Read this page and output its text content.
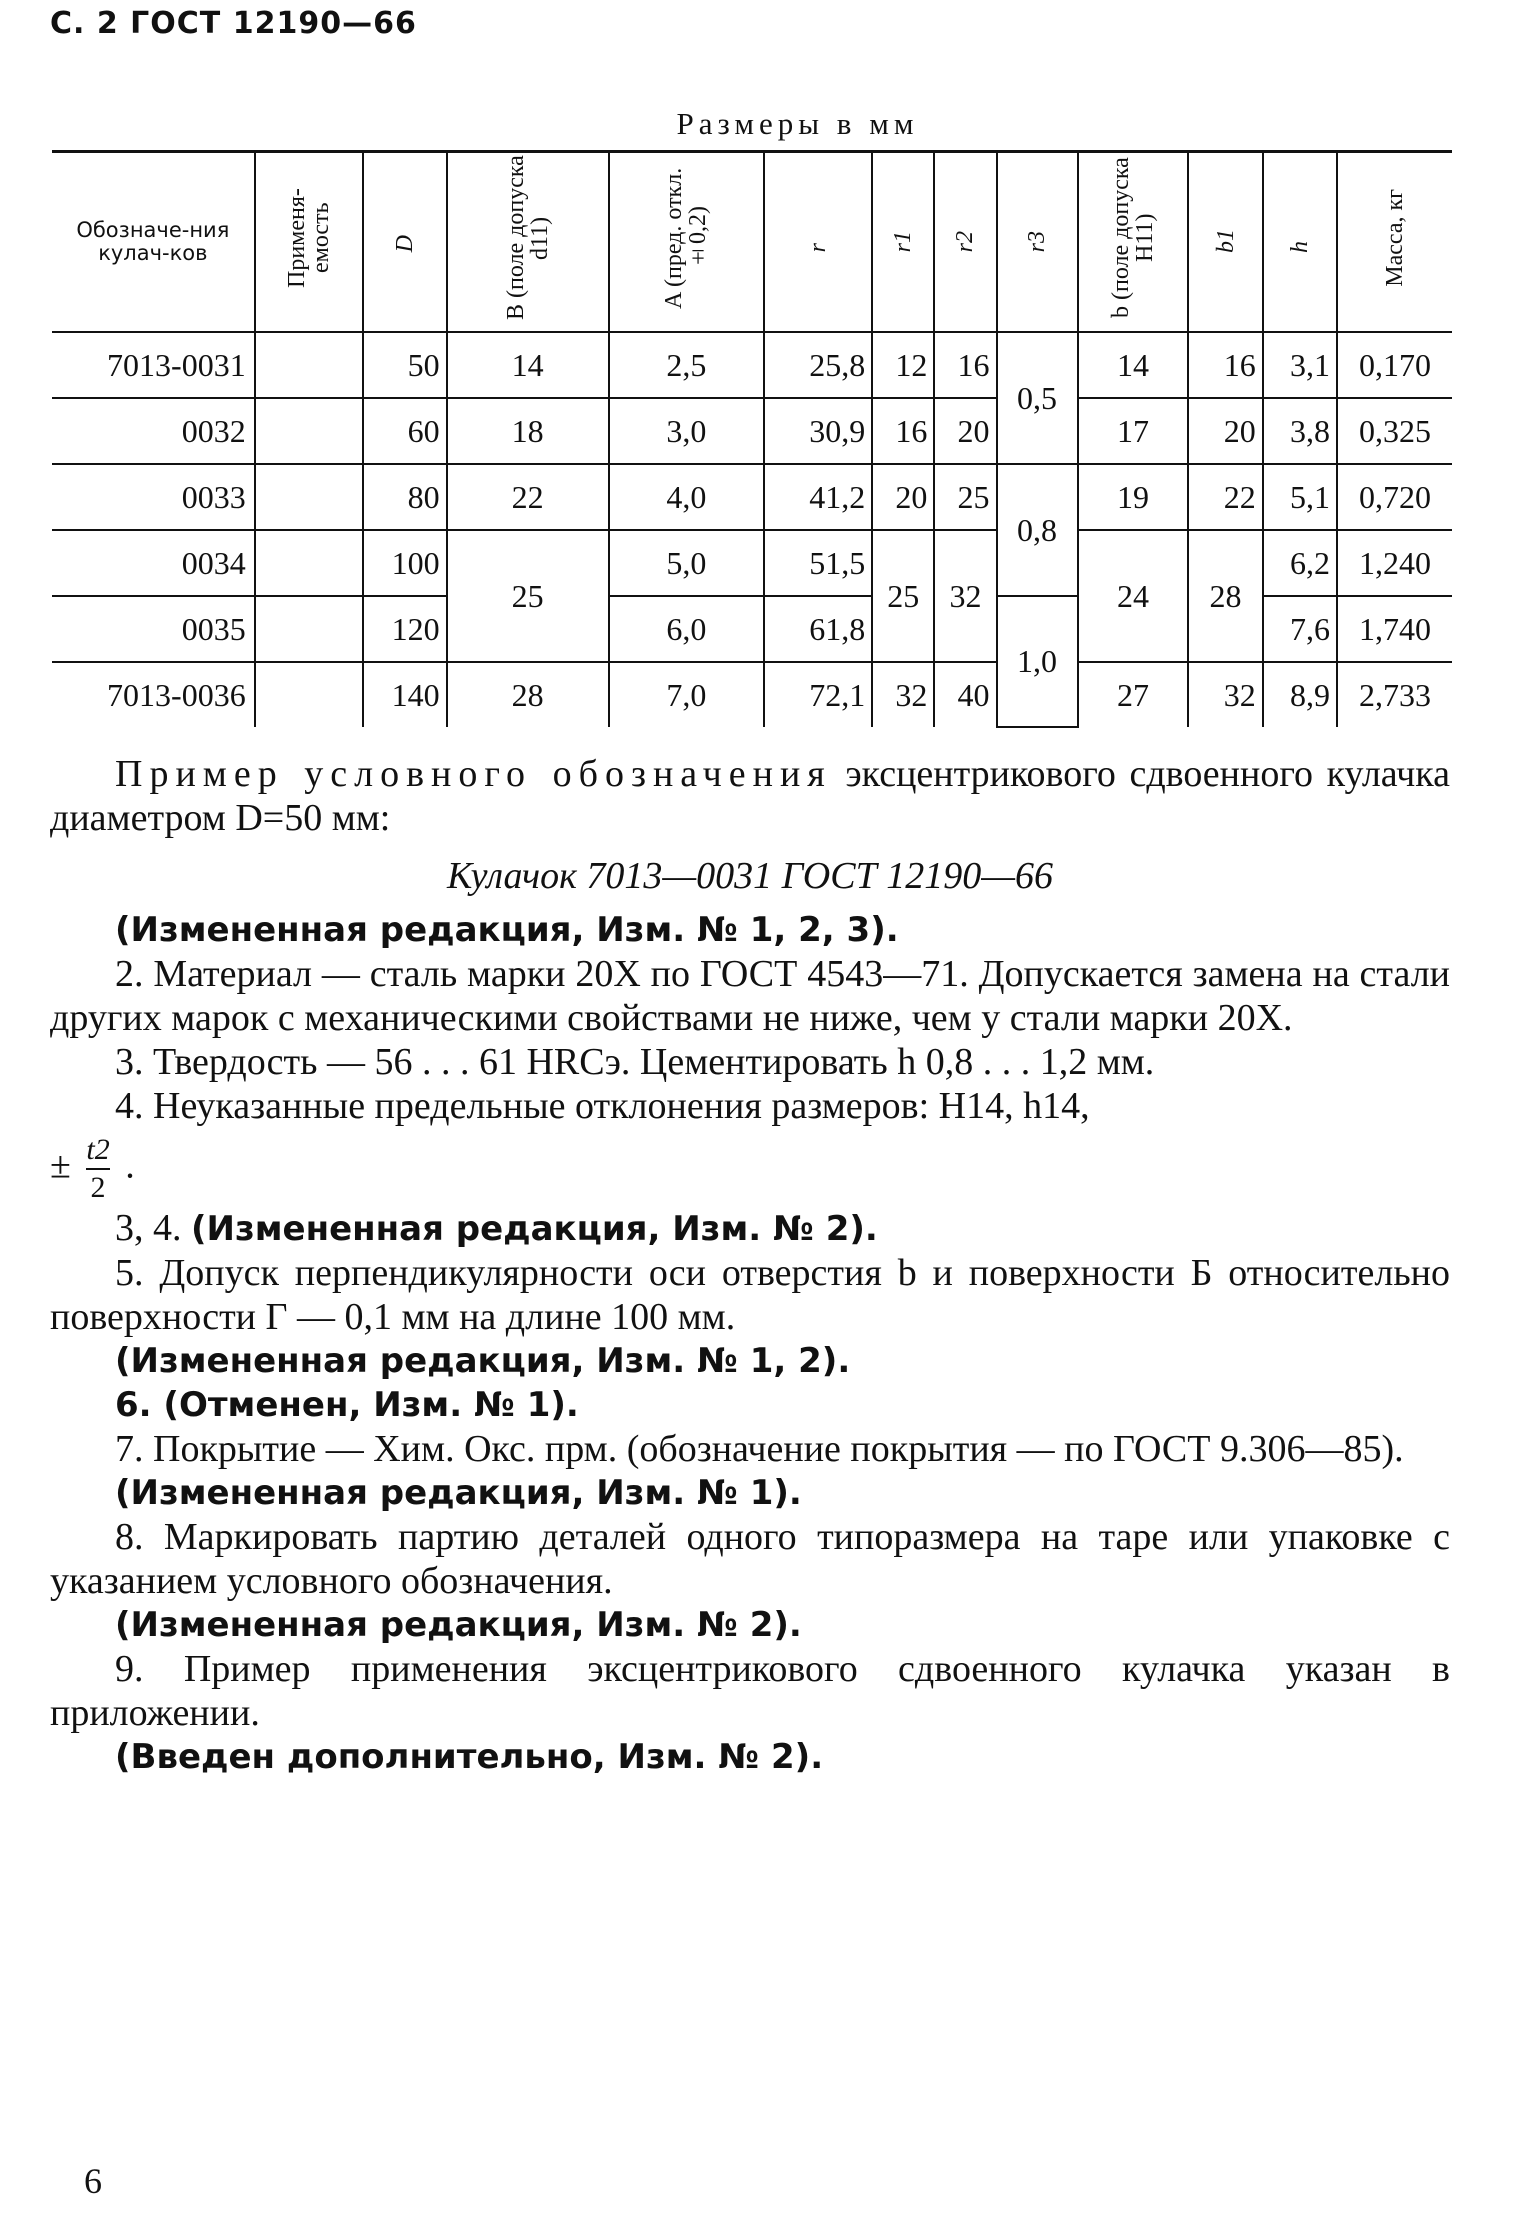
С. 2 ГОСТ 12190—66
Размеры в мм
Обозначе-ния кулач-ков	Применя-емость	D	B (поле допуска d11)	A (пред. откл. ±0,2)	r	r1	r2	r3	b (поле допуска H11)	b1	h	Масса, кг
7013-0031		50	14	2,5	25,8	12	16	0,5	14	16	3,1	0,170
0032		60	18	3,0	30,9	16	20		17	20	3,8	0,325
0033		80	22	4,0	41,2	20	25	0,8	19	22	5,1	0,720
0034		100	25	5,0	51,5	25	32		24	28	6,2	1,240
0035		120		6,0	61,8			1,0			7,6	1,740
7013-0036		140	28	7,0	72,1	32	40		27	32	8,9	2,733

Пример условного обозначения эксцентрикового сдвоенного кулачка диаметром D=50 мм:

Кулачок 7013—0031 ГОСТ 12190—66

(Измененная редакция, Изм. № 1, 2, 3).

2. Материал — сталь марки 20Х по ГОСТ 4543—71. Допускается замена на стали других марок с механическими свойствами не ниже, чем у стали марки 20Х.

3. Твердость — 56 . . . 61 HRCэ. Цементировать h 0,8 . . . 1,2 мм.

4. Неуказанные предельные отклонения размеров: H14, h14,

± $\frac{t2}{2}$ .

3, 4. (Измененная редакция, Изм. № 2).

5. Допуск перпендикулярности оси отверстия b и поверхности Б относительно поверхности Г — 0,1 мм на длине 100 мм.

(Измененная редакция, Изм. № 1, 2).

6. (Отменен, Изм. № 1).

7. Покрытие — Хим. Окс. прм. (обозначение покрытия — по ГОСТ 9.306—85).

(Измененная редакция, Изм. № 1).

8. Маркировать партию деталей одного типоразмера на таре или упаковке с указанием условного обозначения.

(Измененная редакция, Изм. № 2).

9. Пример применения эксцентрикового сдвоенного кулачка указан в приложении.

(Введен дополнительно, Изм. № 2).

6
